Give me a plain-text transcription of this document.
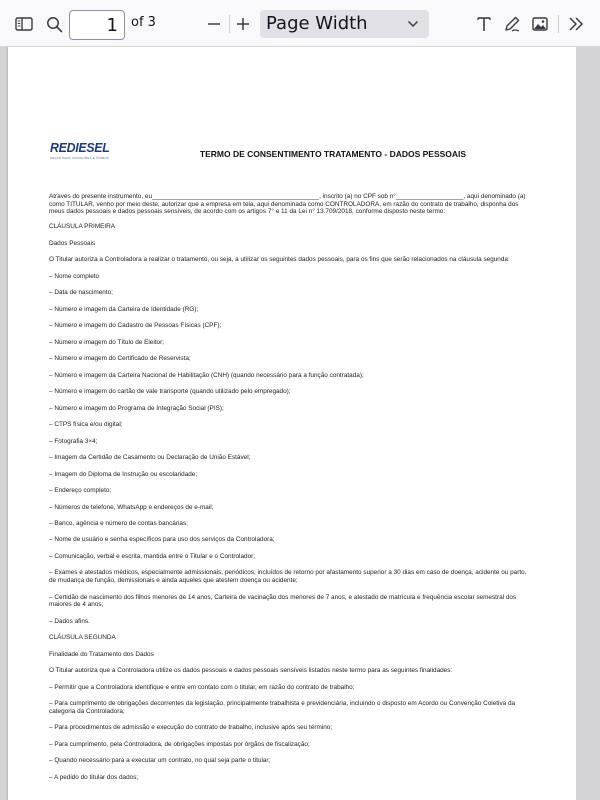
1
of 3	Page Width
REDIESEL
PEÇAS PARA CAMINHÕES E ÔNIBUS	TERMO DE CONSENTIMENTO TRATAMENTO - DADOS PESSOAIS

Através do presente instrumento, eu_______________________________________________, inscrito (a) no CPF sob n°___________________, aqui denominado (a) como TITULAR, venho por meio deste, autorizar que a empresa em tela, aqui denominada como CONTROLADORA, em razão do contrato de trabalho, disponha dos meus dados pessoais e dados pessoais sensíveis, de acordo com os artigos 7° e 11 da Lei n° 13.709/2018, conforme disposto neste termo:

CLÁUSULA PRIMEIRA

Dados Pessoais

O Titular autoriza a Controladora a realizar o tratamento, ou seja, a utilizar os seguintes dados pessoais, para os fins que serão relacionados na cláusula segunda:

– Nome completo

– Data de nascimento;

– Número e imagem da Carteira de Identidade (RG);

– Número e imagem do Cadastro de Pessoas Físicas (CPF);

– Número e imagem do Título de Eleitor;

– Número e imagem do Certificado de Reservista;

– Número e imagem da Carteira Nacional de Habilitação (CNH) (quando necessário para a função contratada);

– Número e imagem do cartão de vale transporte (quando utilizado pelo empregado);

– Número e imagem do Programa de Integração Social (PIS);

– CTPS física e/ou digital;

– Fotografia 3×4;

– Imagem da Certidão de Casamento ou Declaração de União Estável;

– Imagem do Diploma de Instrução ou escolaridade;

– Endereço completo;

– Números de telefone, WhatsApp e endereços de e-mail;

– Banco, agência e número de contas bancárias;

– Nome de usuário e senha específicos para uso dos serviços da Controladora;

– Comunicação, verbal e escrita, mantida entre o Titular e o Controlador;

– Exames e atestados médicos, especialmente admissionais, periódicos, incluídos de retorno por afastamento superior a 30 dias em caso de doença, acidente ou parto, de mudança de função, demissionais e ainda aqueles que atestem doença ou acidente;

– Certidão de nascimento dos filhos menores de 14 anos, Carteira de vacinação dos menores de 7 anos, e atestado de matrícula e frequência escolar semestral dos maiores de 4 anos;

– Dados afins.

CLÁUSULA SEGUNDA

Finalidade do Tratamento dos Dados

O Titular autoriza que a Controladora utilize os dados pessoais e dados pessoais sensíveis listados neste termo para as seguintes finalidades:

– Permitir que a Controladora identifique e entre em contato com o titular, em razão do contrato de trabalho;

– Para cumprimento de obrigações decorrentes da legislação, principalmente trabalhista e previdenciária, incluindo o disposto em Acordo ou Convenção Coletiva da categoria da Controladora;

– Para procedimentos de admissão e execução do contrato de trabalho, inclusive após seu término;

– Para cumprimento, pela Controladora, de obrigações impostas por órgãos de fiscalização;

– Quando necessário para a executar um contrato, no qual seja parte o titular;

– A pedido do titular dos dados;
